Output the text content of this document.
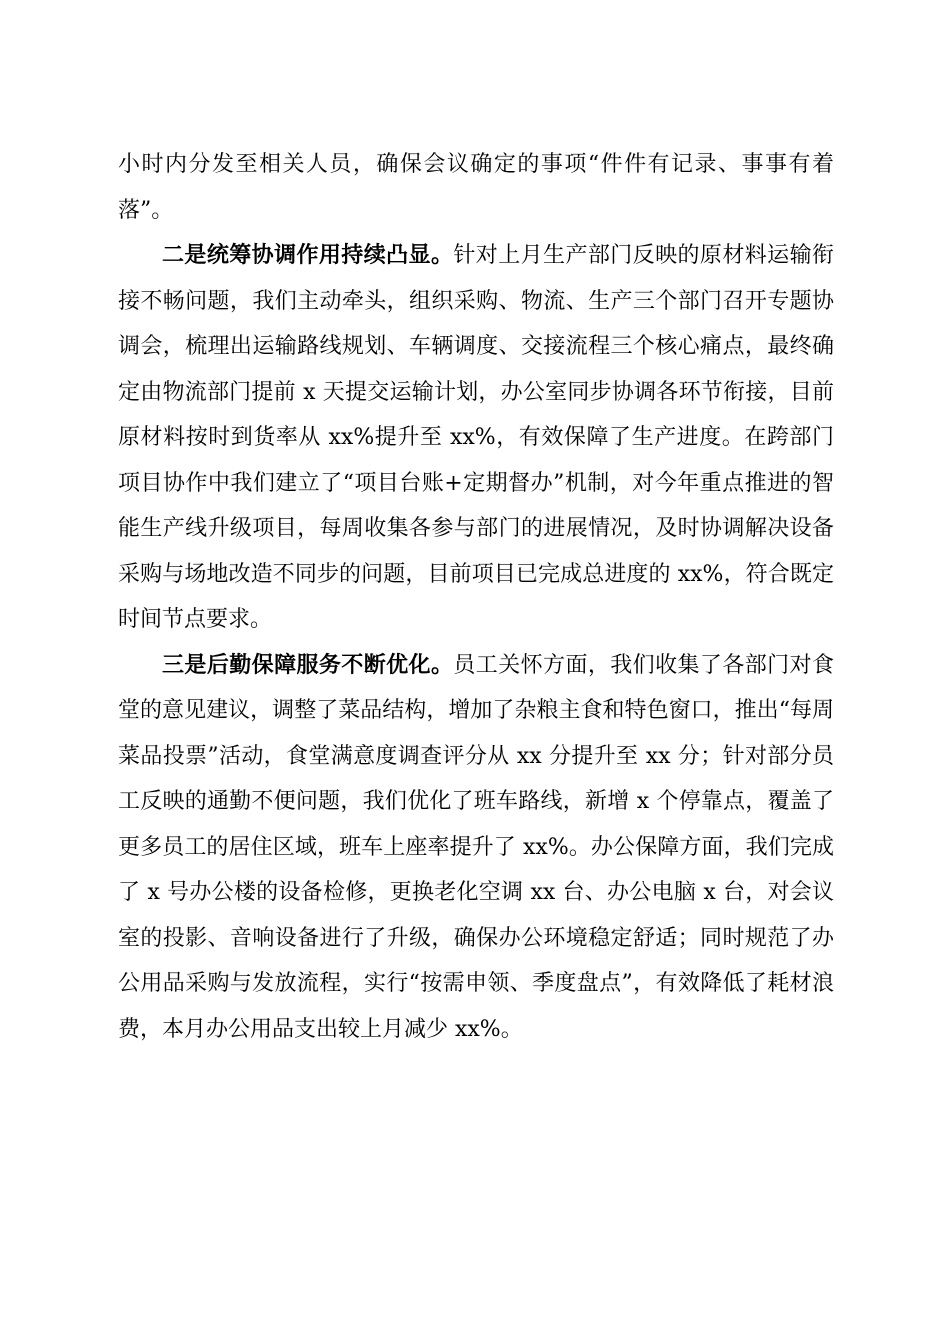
小时内分发至相关人员，确保会议确定的事项“件件有记录、事事有着落”。

二是统筹协调作用持续凸显。针对上月生产部门反映的原材料运输衔接不畅问题，我们主动牵头，组织采购、物流、生产三个部门召开专题协调会，梳理出运输路线规划、车辆调度、交接流程三个核心痛点，最终确定由物流部门提前 x 天提交运输计划，办公室同步协调各环节衔接，目前原材料按时到货率从 xx%提升至 xx%，有效保障了生产进度。在跨部门项目协作中我们建立了“项目台账+定期督办”机制，对今年重点推进的智能生产线升级项目，每周收集各参与部门的进展情况，及时协调解决设备采购与场地改造不同步的问题，目前项目已完成总进度的 xx%，符合既定时间节点要求。

三是后勤保障服务不断优化。员工关怀方面，我们收集了各部门对食堂的意见建议，调整了菜品结构，增加了杂粮主食和特色窗口，推出“每周菜品投票”活动，食堂满意度调查评分从 xx 分提升至 xx 分；针对部分员工反映的通勤不便问题，我们优化了班车路线，新增 x 个停靠点，覆盖了更多员工的居住区域，班车上座率提升了 xx%。办公保障方面，我们完成了 x 号办公楼的设备检修，更换老化空调 xx 台、办公电脑 x 台，对会议室的投影、音响设备进行了升级，确保办公环境稳定舒适；同时规范了办公用品采购与发放流程，实行“按需申领、季度盘点”，有效降低了耗材浪费，本月办公用品支出较上月减少 xx%。
